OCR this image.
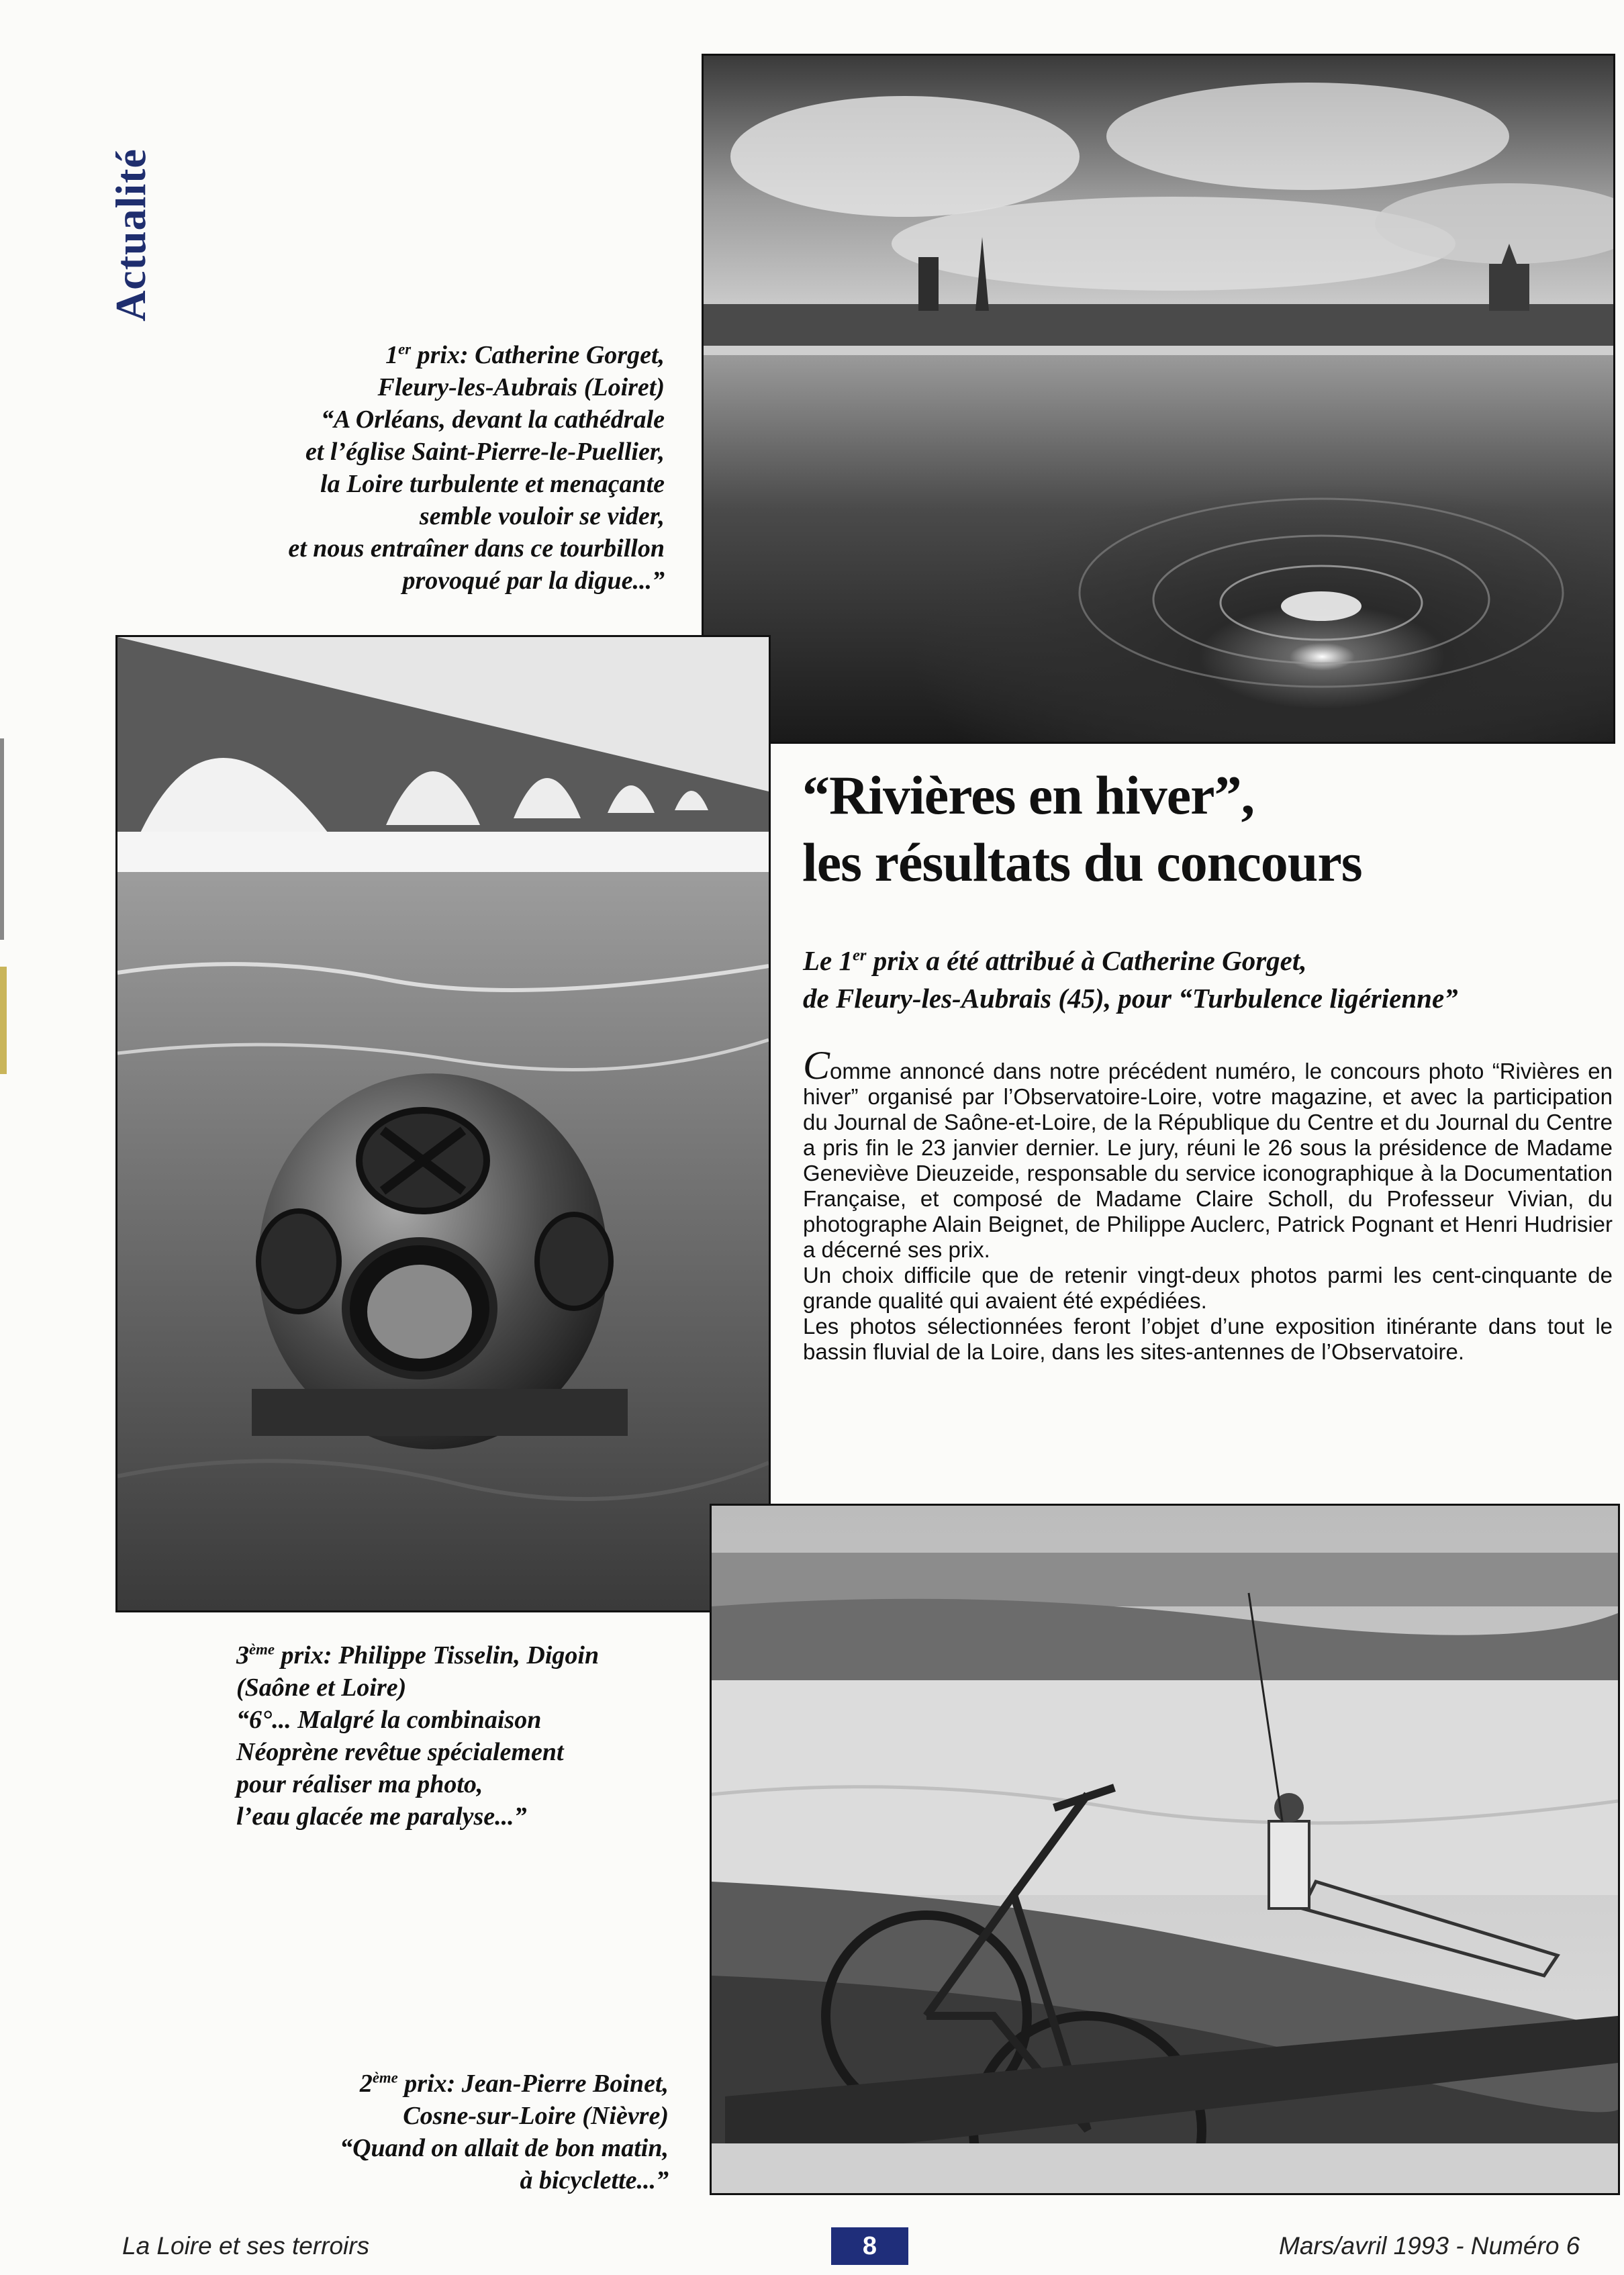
Actualité
1er prix: Catherine Gorget,
Fleury-les-Aubrais (Loiret)
“A Orléans, devant la cathédrale
et l’église Saint-Pierre-le-Puellier,
la Loire turbulente et menaçante
semble vouloir se vider,
et nous entraîner dans ce tourbillon
provoqué par la digue...”
“Rivières en hiver”,
les résultats du concours
Le 1er prix a été attribué à Catherine Gorget,
de Fleury-les-Aubrais (45), pour “Turbulence ligérienne”

Comme annoncé dans notre précédent numéro, le concours photo “Rivières en hiver” organisé par l’Observatoire-Loire, votre magazine, et avec la participation du Journal de Saône-et-Loire, de la République du Centre et du Journal du Centre a pris fin le 23 janvier dernier. Le jury, réuni le 26 sous la présidence de Madame Geneviève Dieuzeide, responsable du service iconographique à la Documentation Française, et composé de Madame Claire Scholl, du Professeur Vivian, du photographe Alain Beignet, de Philippe Auclerc, Patrick Pognant et Henri Hudrisier a décerné ses prix.

Un choix difficile que de retenir vingt-deux photos parmi les cent-cinquante de grande qualité qui avaient été expédiées.

Les photos sélectionnées feront l’objet d’une exposition itinérante dans tout le bassin fluvial de la Loire, dans les sites-antennes de l’Observatoire.

3ème prix: Philippe Tisselin, Digoin
(Saône et Loire)
“6°... Malgré la combinaison
Néoprène revêtue spécialement
pour réaliser ma photo,
l’eau glacée me paralyse...”
2ème prix: Jean-Pierre Boinet,
Cosne-sur-Loire (Nièvre)
“Quand on allait de bon matin,
à bicyclette...”
La Loire et ses terroirs	8	Mars/avril 1993 - Numéro 6
